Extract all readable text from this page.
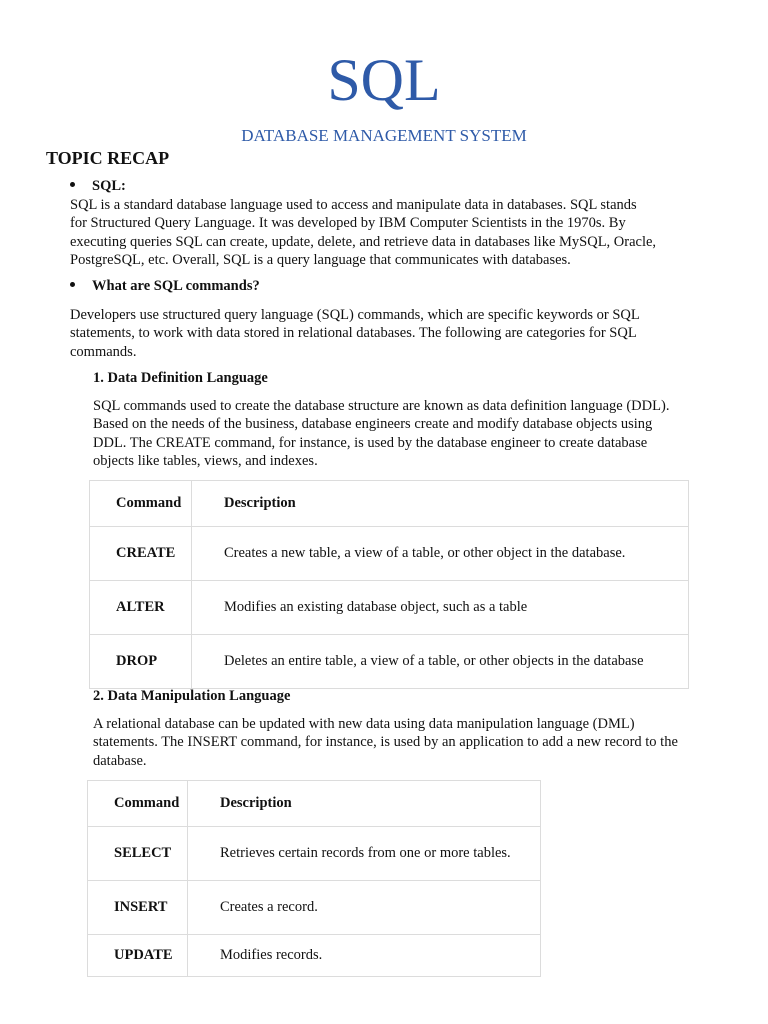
SQL
DATABASE MANAGEMENT SYSTEM
TOPIC RECAP
SQL:

SQL is a standard database language used to access and manipulate data in databases. SQL stands

for Structured Query Language. It was developed by IBM Computer Scientists in the 1970s. By

executing queries SQL can create, update, delete, and retrieve data in databases like MySQL, Oracle,

PostgreSQL, etc. Overall, SQL is a query language that communicates with databases.

What are SQL commands?

Developers use structured query language (SQL) commands, which are specific keywords or SQL

statements, to work with data stored in relational databases. The following are categories for SQL

commands.

1. Data Definition Language

SQL commands used to create the database structure are known as data definition language (DDL).

Based on the needs of the business, database engineers create and modify database objects using

DDL. The CREATE command, for instance, is used by the database engineer to create database

objects like tables, views, and indexes.

Command	Description

CREATE	Creates a new table, a view of a table, or other object in the database.

ALTER	Modifies an existing database object, such as a table

DROP	Deletes an entire table, a view of a table, or other objects in the database
2. Data Manipulation Language

A relational database can be updated with new data using data manipulation language (DML)

statements. The INSERT command, for instance, is used by an application to add a new record to the

database.

Command	Description

SELECT	Retrieves certain records from one or more tables.

INSERT	Creates a record.

UPDATE	Modifies records.
